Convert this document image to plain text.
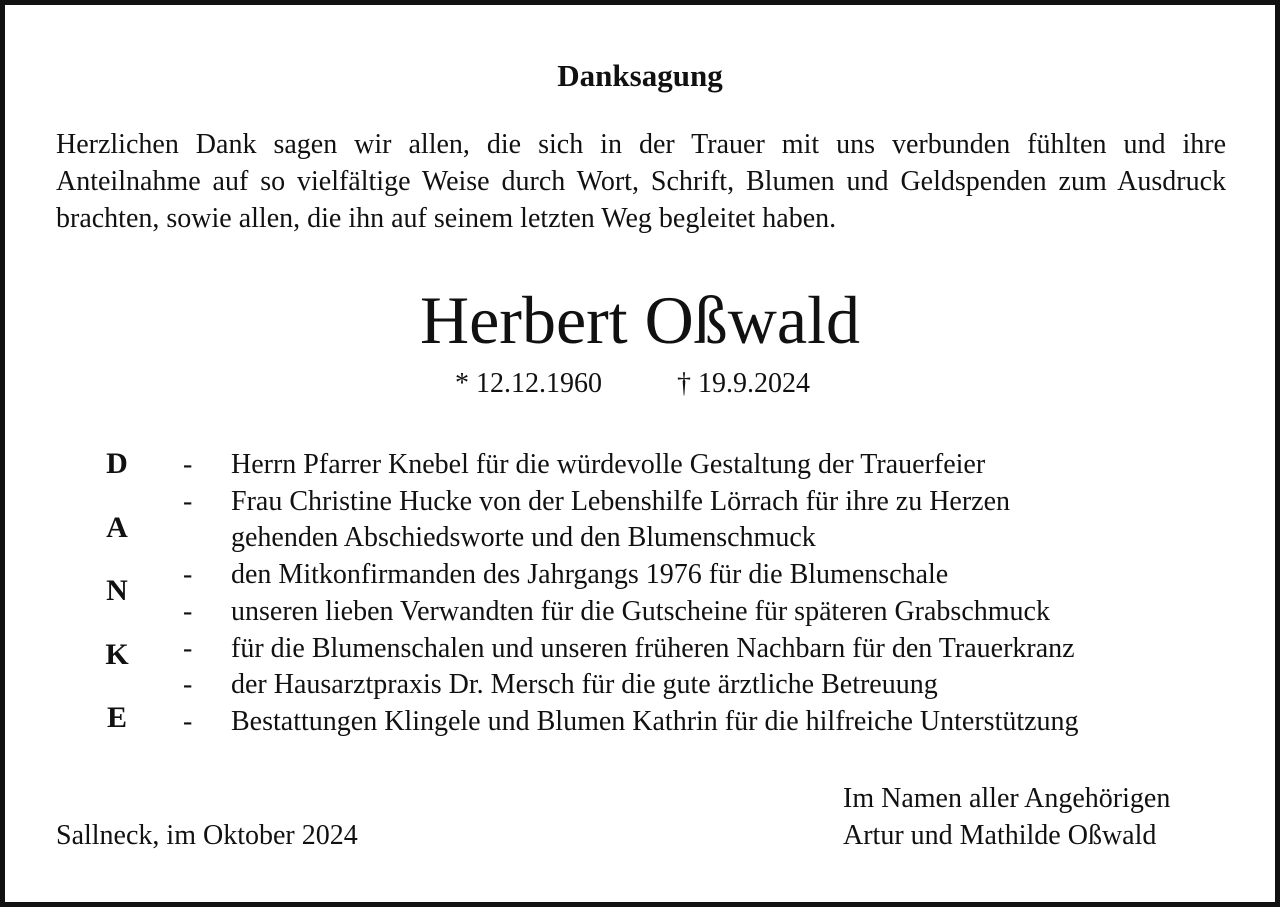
Danksagung
Herzlichen Dank sagen wir allen, die sich in der Trauer mit uns verbunden fühlten und ihre Anteilnahme auf so vielfältige Weise durch Wort, Schrift, Blumen und Geldspenden zum Ausdruck brachten, sowie allen, die ihn auf seinem letzten Weg begleitet haben.
Herbert Oßwald
* 12.12.1960	† 19.9.2024
D
A
N
K
E
-	Herrn Pfarrer Knebel für die würdevolle Gestaltung der Trauerfeier
-	Frau Christine Hucke von der Lebenshilfe Lörrach für ihre zu Herzen
gehenden Abschiedsworte und den Blumenschmuck
-	den Mitkonfirmanden des Jahrgangs 1976 für die Blumenschale
-	unseren lieben Verwandten für die Gutscheine für späteren Grabschmuck
-	für die Blumenschalen und unseren früheren Nachbarn für den Trauerkranz
-	der Hausarztpraxis Dr. Mersch für die gute ärztliche Betreuung
-	Bestattungen Klingele und Blumen Kathrin für die hilfreiche Unterstützung
Im Namen aller Angehörigen
Artur und Mathilde Oßwald
Sallneck, im Oktober 2024
